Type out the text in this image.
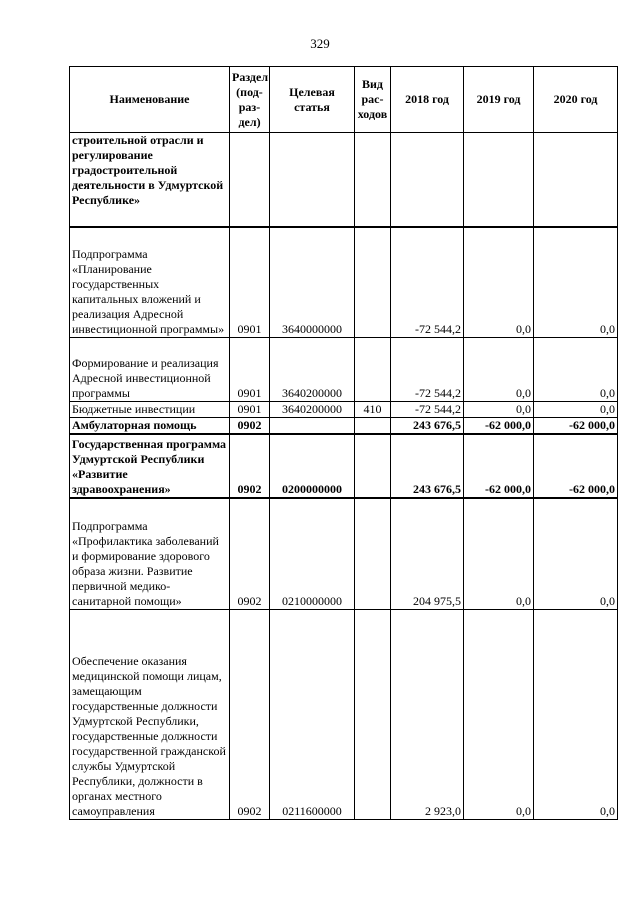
329
Наименование	Раздел (под-раз-дел)	Целевая статья	Вид рас-ходов	2018 год	2019 год	2020 год
строительной отрасли и регулирование градостроительной деятельности в Удмуртской Республике»						
Подпрограмма «Планирование государственных капитальных вложений и реализация Адресной инвестиционной программы»	0901	3640000000		-72 544,2	0,0	0,0
Формирование и реализация Адресной инвестиционной программы	0901	3640200000		-72 544,2	0,0	0,0
Бюджетные инвестиции	0901	3640200000	410	-72 544,2	0,0	0,0
Амбулаторная помощь	0902			243 676,5	-62 000,0	-62 000,0
Государственная программа Удмуртской Республики «Развитие здравоохранения»	0902	0200000000		243 676,5	-62 000,0	-62 000,0
Подпрограмма «Профилактика заболеваний и формирование здорового образа жизни. Развитие первичной медико-санитарной помощи»	0902	0210000000		204 975,5	0,0	0,0
Обеспечение оказания медицинской помощи лицам, замещающим государственные должности Удмуртской Республики, государственные должности государственной гражданской службы Удмуртской Республики, должности в органах местного самоуправления	0902	0211600000		2 923,0	0,0	0,0
